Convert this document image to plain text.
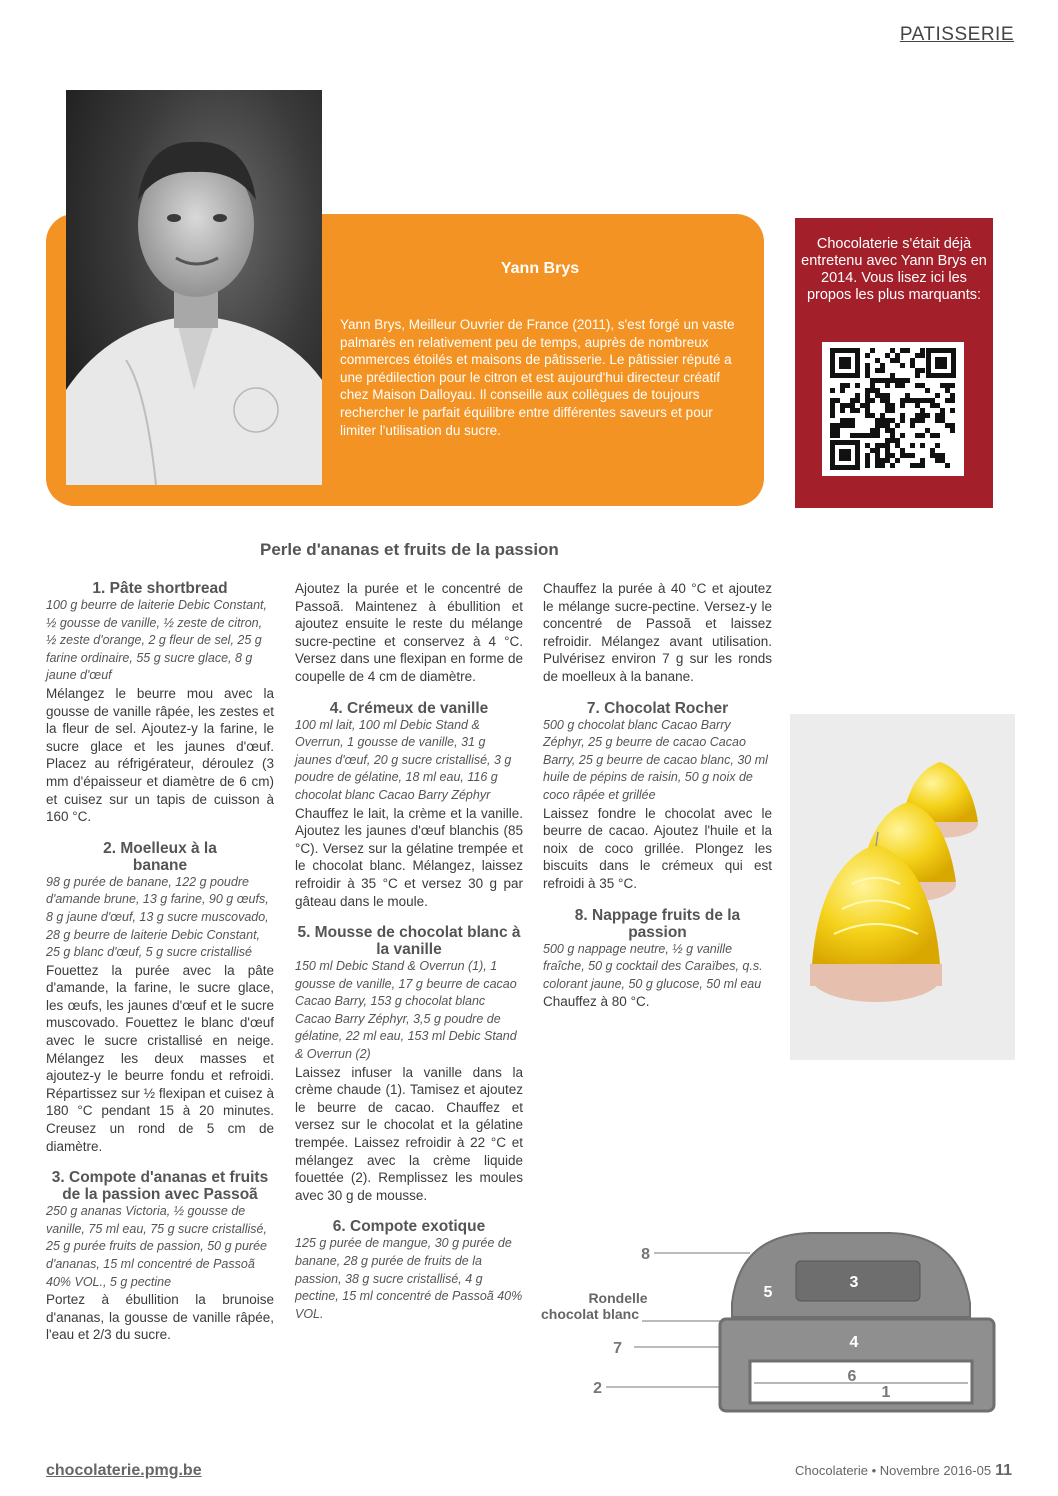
PATISSERIE
Yann Brys
Yann Brys, Meilleur Ouvrier de France (2011), s'est forgé un vaste palmarès en relativement peu de temps, auprès de nombreux commerces étoilés et maisons de pâtisserie. Le pâtissier réputé a une prédilection pour le citron et est aujourd'hui directeur créatif chez Maison Dalloyau. Il conseille aux collègues de toujours rechercher le parfait équilibre entre différentes saveurs et pour limiter l'utilisation du sucre.
Chocolaterie s'était déjà entretenu avec Yann Brys en 2014. Vous lisez ici les propos les plus marquants:
Perle d'ananas et fruits de la passion
1. Pâte shortbread
100 g beurre de laiterie Debic Constant, ½ gousse de vanille, ½ zeste de citron, ½ zeste d'orange, 2 g fleur de sel, 25 g farine ordinaire, 55 g sucre glace, 8 g jaune d'œuf

Mélangez le beurre mou avec la gousse de vanille râpée, les zestes et la fleur de sel. Ajoutez-y la farine, le sucre glace et les jaunes d'œuf. Placez au réfrigérateur, déroulez (3 mm d'épaisseur et diamètre de 6 cm) et cuisez sur un tapis de cuisson à 160 °C.

2. Moelleux à la banane
98 g purée de banane, 122 g poudre d'amande brune, 13 g farine, 90 g œufs, 8 g jaune d'œuf, 13 g sucre muscovado, 28 g beurre de laiterie Debic Constant, 25 g blanc d'œuf, 5 g sucre cristallisé

Fouettez la purée avec la pâte d'amande, la farine, le sucre glace, les œufs, les jaunes d'œuf et le sucre muscovado. Fouettez le blanc d'œuf avec le sucre cristallisé en neige. Mélangez les deux masses et ajoutez-y le beurre fondu et refroidi. Répartissez sur ½ flexipan et cuisez à 180 °C pendant 15 à 20 minutes. Creusez un rond de 5 cm de diamètre.

3. Compote d'ananas et fruits de la passion avec Passoã
250 g ananas Victoria, ½ gousse de vanille, 75 ml eau, 75 g sucre cristallisé, 25 g purée fruits de passion, 50 g purée d'ananas, 15 ml concentré de Passoã 40% VOL., 5 g pectine

Portez à ébullition la brunoise d'ananas, la gousse de vanille râpée, l'eau et 2/3 du sucre.

Ajoutez la purée et le concentré de Passoã. Maintenez à ébullition et ajoutez ensuite le reste du mélange sucre-pectine et conservez à 4 °C. Versez dans une flexipan en forme de coupelle de 4 cm de diamètre.

4. Crémeux de vanille
100 ml lait, 100 ml Debic Stand & Overrun, 1 gousse de vanille, 31 g jaunes d'œuf, 20 g sucre cristallisé, 3 g poudre de gélatine, 18 ml eau, 116 g chocolat blanc Cacao Barry Zéphyr

Chauffez le lait, la crème et la vanille. Ajoutez les jaunes d'œuf blanchis (85 °C). Versez sur la gélatine trempée et le chocolat blanc. Mélangez, laissez refroidir à 35 °C et versez 30 g par gâteau dans le moule.

5. Mousse de chocolat blanc à la vanille
150 ml Debic Stand & Overrun (1), 1 gousse de vanille, 17 g beurre de cacao Cacao Barry, 153 g chocolat blanc Cacao Barry Zéphyr, 3,5 g poudre de gélatine, 22 ml eau, 153 ml Debic Stand & Overrun (2)

Laissez infuser la vanille dans la crème chaude (1). Tamisez et ajoutez le beurre de cacao. Chauffez et versez sur le chocolat et la gélatine trempée. Laissez refroidir à 22 °C et mélangez avec la crème liquide fouettée (2). Remplissez les moules avec 30 g de mousse.

6. Compote exotique
125 g purée de mangue, 30 g purée de banane, 28 g purée de fruits de la passion, 38 g sucre cristallisé, 4 g pectine, 15 ml concentré de Passoã 40% VOL.

Chauffez la purée à 40 °C et ajoutez le mélange sucre-pectine. Versez-y le concentré de Passoã et laissez refroidir. Mélangez avant utilisation. Pulvérisez environ 7 g sur les ronds de moelleux à la banane.

7. Chocolat Rocher
500 g chocolat blanc Cacao Barry Zéphyr, 25 g beurre de cacao Cacao Barry, 25 g beurre de cacao blanc, 30 ml huile de pépins de raisin, 50 g noix de coco râpée et grillée

Laissez fondre le chocolat avec le beurre de cacao. Ajoutez l'huile et la noix de coco grillée. Plongez les biscuits dans le crémeux qui est refroidi à 35 °C.

8. Nappage fruits de la passion
500 g nappage neutre, ½ g vanille fraîche, 50 g cocktail des Caraïbes, q.s. colorant jaune, 50 g glucose, 50 ml eau

Chauffez à 80 °C.

8
Rondelle chocolat blanc
7
2
5
3
4
6
1
chocolaterie.pmg.be	Chocolaterie • Novembre 2016-05 11
